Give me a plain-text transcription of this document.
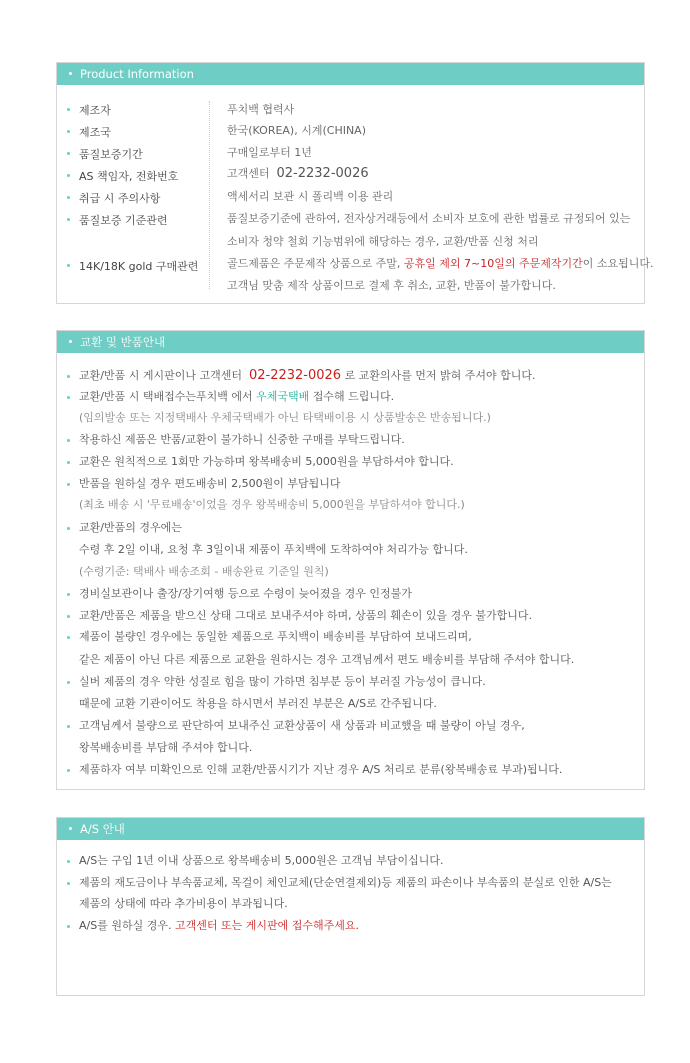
Product Information
제조자	푸치백 협력사
제조국	한국(KOREA), 시계(CHINA)
품질보증기간	구매일로부터 1년
AS 책임자, 전화번호	고객센터 02-2232-0026
취급 시 주의사항	액세서리 보관 시 폴리백 이용 관리
품질보증 기준관련	품질보증기준에 관하여, 전자상거래등에서 소비자 보호에 관한 법률로 규정되어 있는
소비자 청약 철회 기능범위에 해당하는 경우, 교환/반품 신청 처리
14K/18K gold 구매관련	골드제품은 주문제작 상품으로 주말, 공휴일 제외 7~10일의 주문제작기간이 소요됩니다.
고객님 맞춤 제작 상품이므로 결제 후 취소, 교환, 반품이 불가합니다.
교환 및 반품안내
교환/반품 시 게시판이나 고객센터 02-2232-0026 로 교환의사를 먼저 밝혀 주셔야 합니다.
교환/반품 시 택배접수는푸치백 에서 우체국택배 접수해 드립니다.
(임의발송 또는 지정택배사 우체국택배가 아닌 타택배이용 시 상품발송은 반송됩니다.)
착용하신 제품은 반품/교환이 불가하니 신중한 구매를 부탁드립니다.
교환은 원칙적으로 1회만 가능하며 왕복배송비 5,000원을 부담하셔야 합니다.
반품을 원하실 경우 편도배송비 2,500원이 부담됩니다
(최초 배송 시 '무료배송'이었을 경우 왕복배송비 5,000원을 부담하셔야 합니다.)
교환/반품의 경우에는
수령 후 2일 이내, 요청 후 3일이내 제품이 푸치백에 도착하여야 처리가능 합니다.
(수령기준: 택배사 배송조회 - 배송완료 기준일 원칙)
경비실보관이나 출장/장기여행 등으로 수령이 늦어졌을 경우 인정불가
교환/반품은 제품을 받으신 상태 그대로 보내주셔야 하며, 상품의 훼손이 있을 경우 불가합니다.
제품이 불량인 경우에는 동일한 제품으로 푸치백이 배송비를 부담하여 보내드리며,
같은 제품이 아닌 다른 제품으로 교환을 원하시는 경우 고객님께서 편도 배송비를 부담해 주셔야 합니다.
실버 제품의 경우 약한 성질로 힘을 많이 가하면 침부분 등이 부러질 가능성이 큽니다.
때문에 교환 기관이어도 착용을 하시면서 부러진 부분은 A/S로 간주됩니다.
고객님께서 불량으로 판단하여 보내주신 교환상품이 새 상품과 비교했을 때 불량이 아닐 경우,
왕복배송비를 부담해 주셔야 합니다.
제품하자 여부 미확인으로 인해 교환/반품시기가 지난 경우 A/S 처리로 분류(왕복배송료 부과)됩니다.
A/S 안내
A/S는 구입 1년 이내 상품으로 왕복배송비 5,000원은 고객님 부담이십니다.
제품의 재도금이나 부속품교체, 목걸이 체인교체(단순연결제외)등 제품의 파손이나 부속품의 분실로 인한 A/S는
제품의 상태에 따라 추가비용이 부과됩니다.
A/S를 원하실 경우. 고객센터 또는 게시판에 접수해주세요.
